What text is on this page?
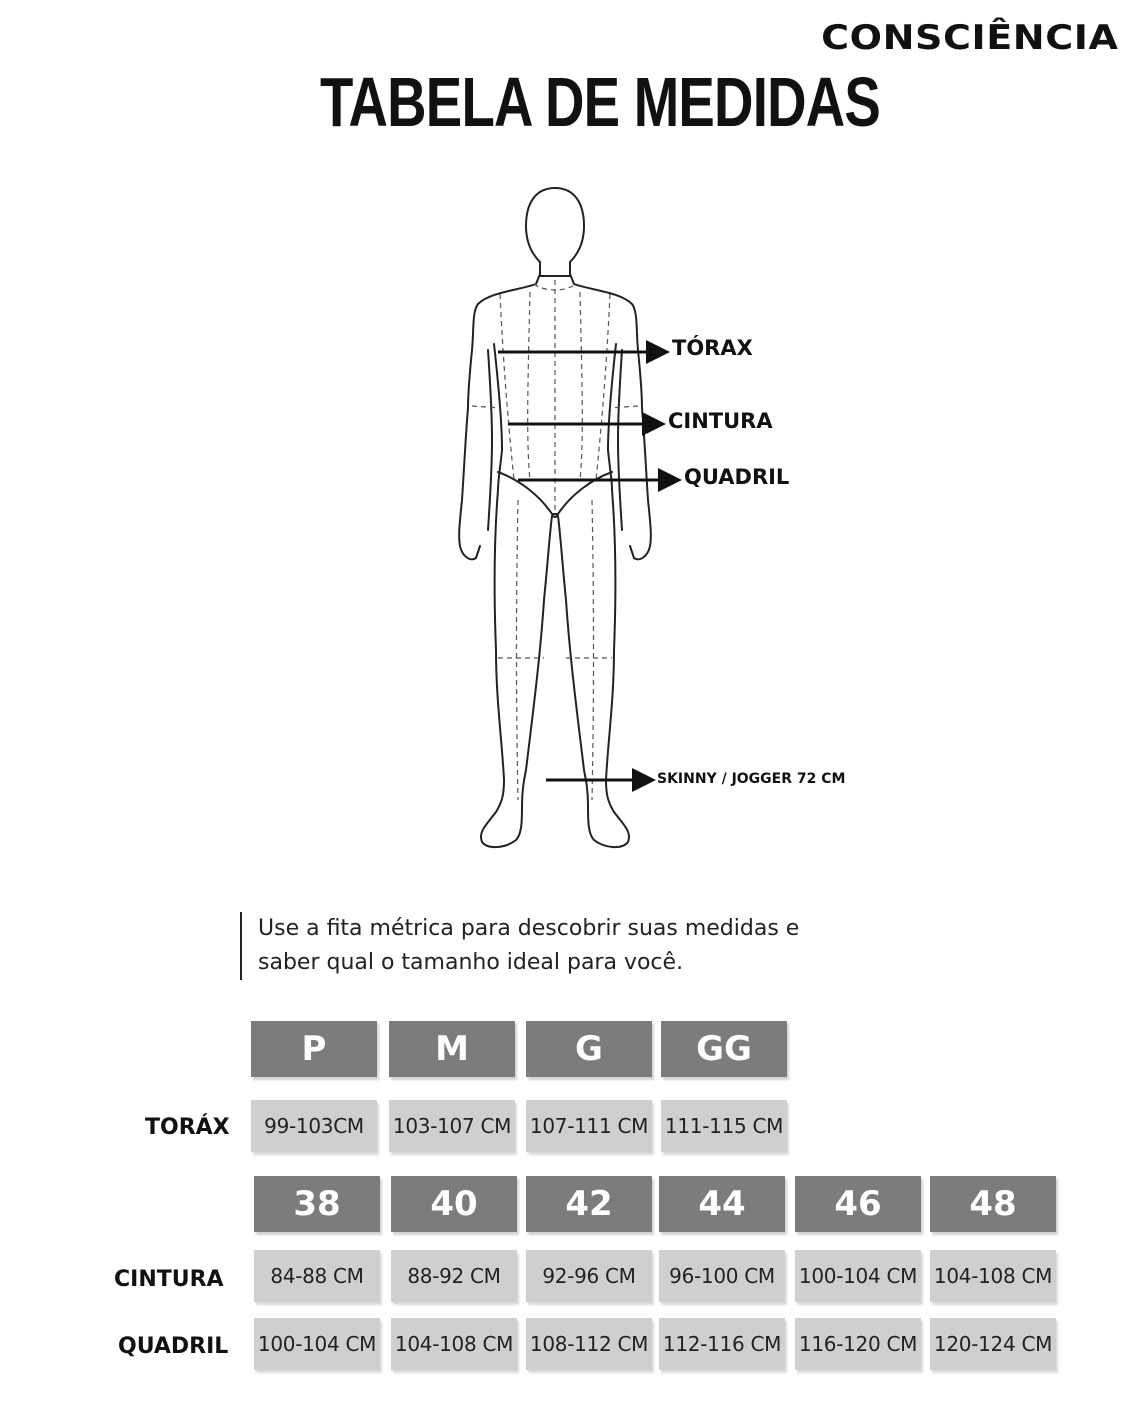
CONSCIÊNCIA
TABELA DE MEDIDAS
TÓRAX
CINTURA
QUADRIL
SKINNY / JOGGER 72 CM
Use a fita métrica para descobrir suas medidas e
saber qual o tamanho ideal para você.
P	M	G	GG
TORÁX	99-103CM	103-107 CM 107-111 CM 111-115 CM
38	40	42	44	46	48
CINTURA	84-88 CM	88-92 CM	92-96 CM	96-100 CM	100-104 CM 104-108 CM
QUADRIL 100-104 CM 104-108 CM 108-112 CM 112-116 CM 116-120 CM 120-124 CM
